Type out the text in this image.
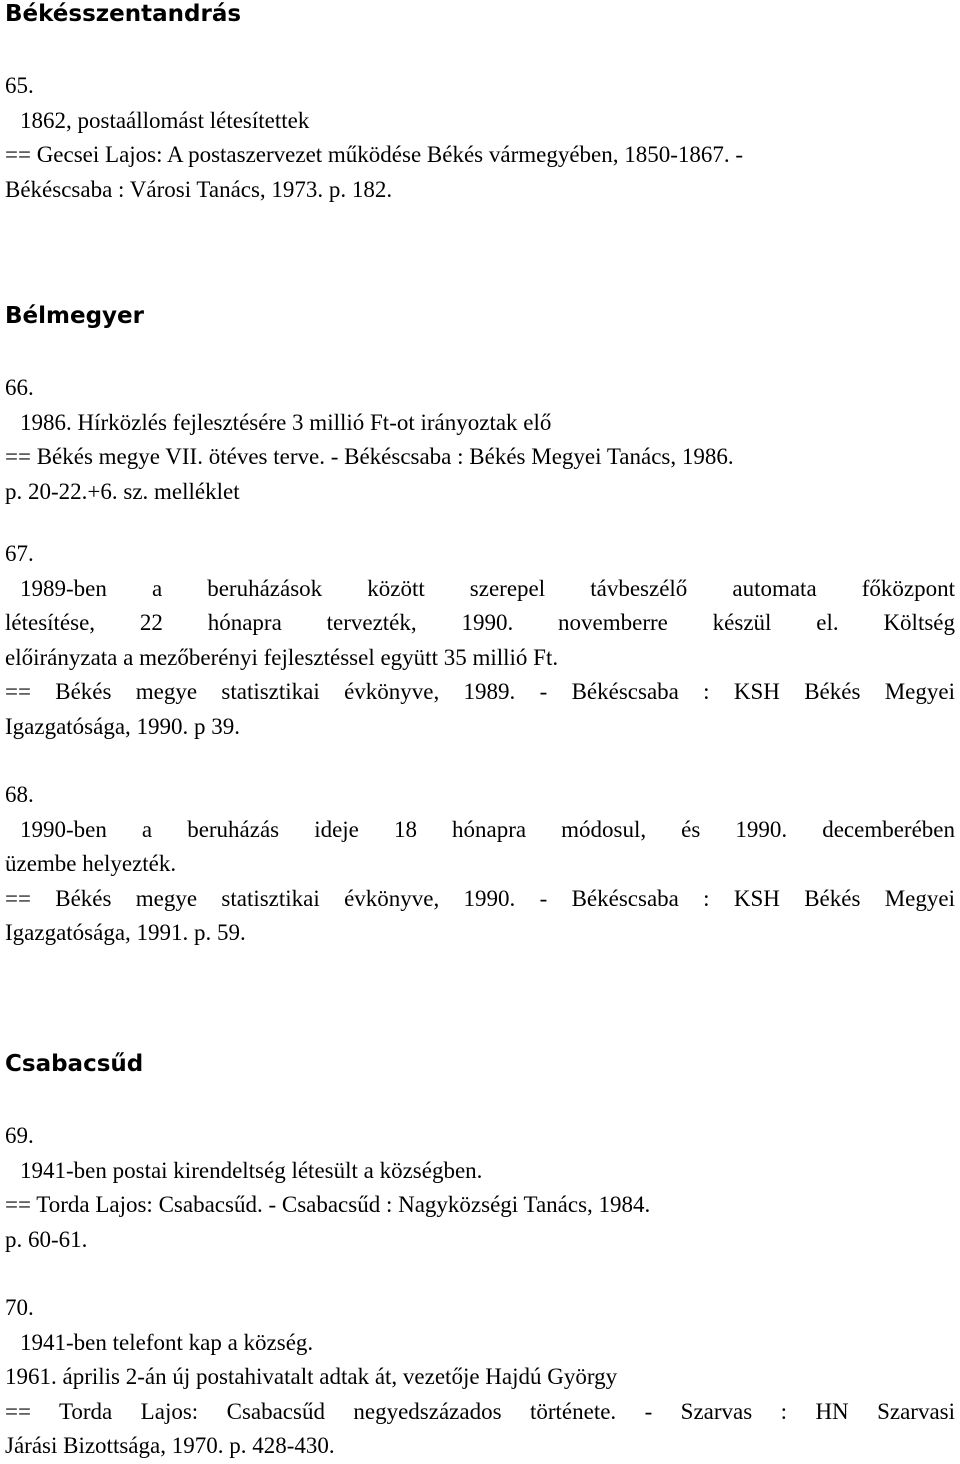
Békésszentandrás

65.

1862, postaállomást létesítettek

== Gecsei Lajos: A postaszervezet működése Békés vármegyében, 1850-1867. -

Békéscsaba : Városi Tanács, 1973. p. 182.

Bélmegyer

66.

1986. Hírközlés fejlesztésére 3 millió Ft-ot irányoztak elő

== Békés megye VII. ötéves terve. - Békéscsaba : Békés Megyei Tanács, 1986.

p. 20-22.+6. sz. melléklet

67.

1989-ben a beruházások között szerepel távbeszélő automata főközpont

létesítése, 22 hónapra tervezték, 1990. novemberre készül el. Költség

előirányzata a mezőberényi fejlesztéssel együtt 35 millió Ft.

== Békés megye statisztikai évkönyve, 1989. - Békéscsaba : KSH Békés Megyei

Igazgatósága, 1990. p 39.

68.

1990-ben a beruházás ideje 18 hónapra módosul, és 1990. decemberében

üzembe helyezték.

== Békés megye statisztikai évkönyve, 1990. - Békéscsaba : KSH Békés Megyei

Igazgatósága, 1991. p. 59.

Csabacsűd

69.

1941-ben postai kirendeltség létesült a községben.

== Torda Lajos: Csabacsűd. - Csabacsűd : Nagyközségi Tanács, 1984.

p. 60-61.

70.

1941-ben telefont kap a község.

1961. április 2-án új postahivatalt adtak át, vezetője Hajdú György

== Torda Lajos: Csabacsűd negyedszázados története. - Szarvas : HN Szarvasi

Járási Bizottsága, 1970. p. 428-430.
